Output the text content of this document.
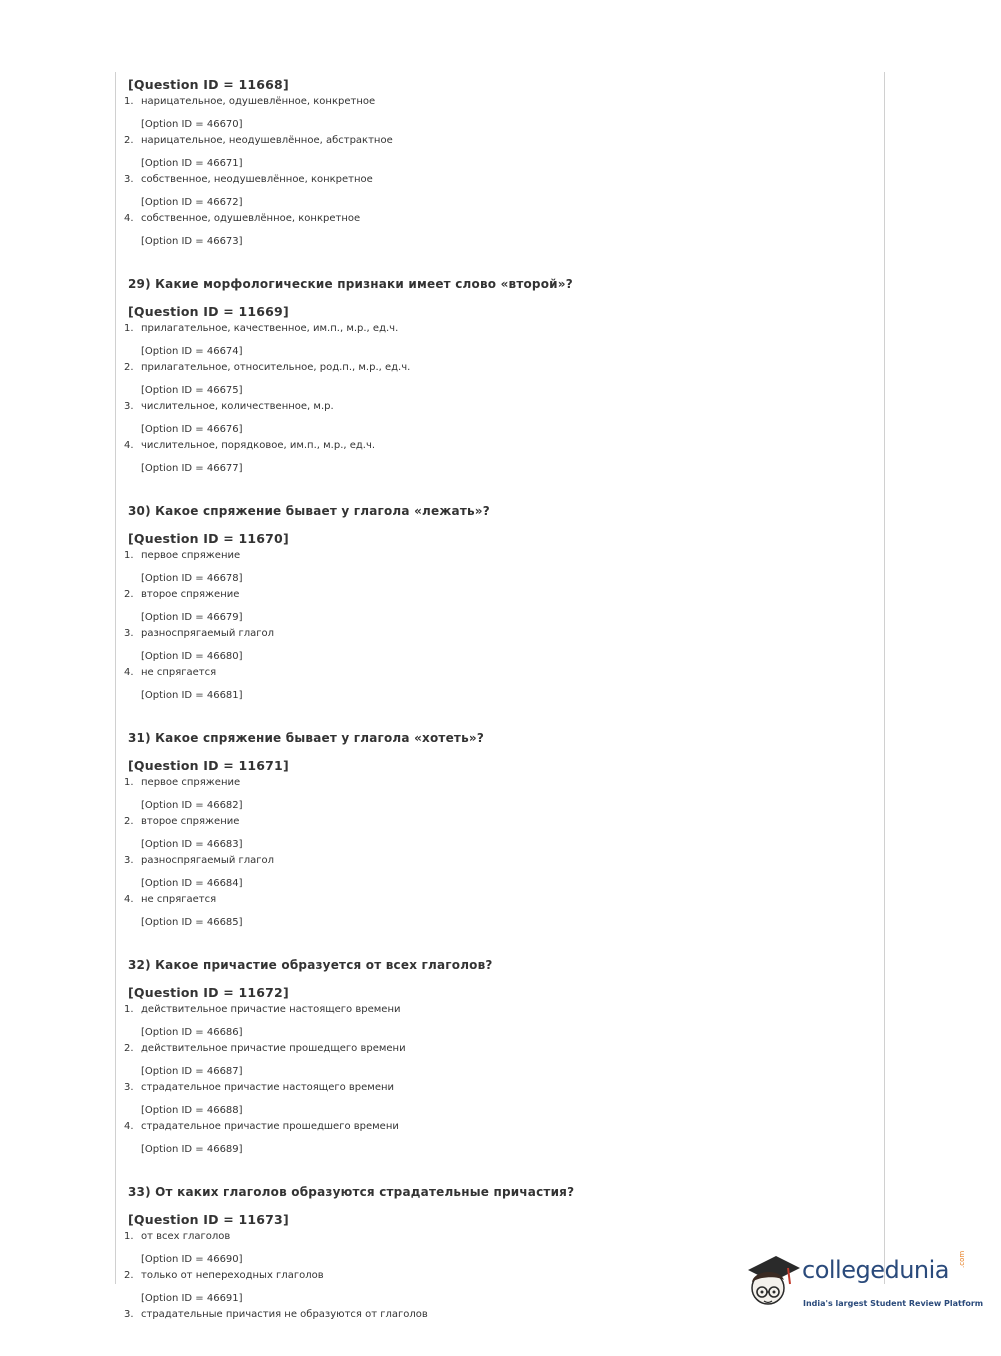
[Question ID = 11668]
1. нарицательное, одушевлённое, конкретное
[Option ID = 46670]
2. нарицательное, неодушевлённое, абстрактное
[Option ID = 46671]
3. собственное, неодушевлённое, конкретное
[Option ID = 46672]
4. собственное, одушевлённое, конкретное
[Option ID = 46673]
29) Какие морфологические признаки имеет слово «второй»?
[Question ID = 11669]
1. прилагательное, качественное, им.п., м.р., ед.ч.
[Option ID = 46674]
2. прилагательное, относительное, род.п., м.р., ед.ч.
[Option ID = 46675]
3. числительное, количественное, м.р.
[Option ID = 46676]
4. числительное, порядковое, им.п., м.р., ед.ч.
[Option ID = 46677]
30) Какое спряжение бывает у глагола «лежать»?
[Question ID = 11670]
1. первое спряжение
[Option ID = 46678]
2. второе спряжение
[Option ID = 46679]
3. разноспрягаемый глагол
[Option ID = 46680]
4. не спрягается
[Option ID = 46681]
31) Какое спряжение бывает у глагола «хотеть»?
[Question ID = 11671]
1. первое спряжение
[Option ID = 46682]
2. второе спряжение
[Option ID = 46683]
3. разноспрягаемый глагол
[Option ID = 46684]
4. не спрягается
[Option ID = 46685]
32) Какое причастие образуется от всех глаголов?
[Question ID = 11672]
1. действительное причастие настоящего времени
[Option ID = 46686]
2. действительное причастие прошедщего времени
[Option ID = 46687]
3. страдательное причастие настоящего времени
[Option ID = 46688]
4. страдательное причастие прошедшего времени
[Option ID = 46689]
33) От каких глаголов образуются страдательные причастия?
[Question ID = 11673]
1. от всех глаголов
[Option ID = 46690]
2. только от непереходных глаголов
[Option ID = 46691]
3. страдательные причастия не образуются от глаголов
collegedunia .com
India's largest Student Review Platform
